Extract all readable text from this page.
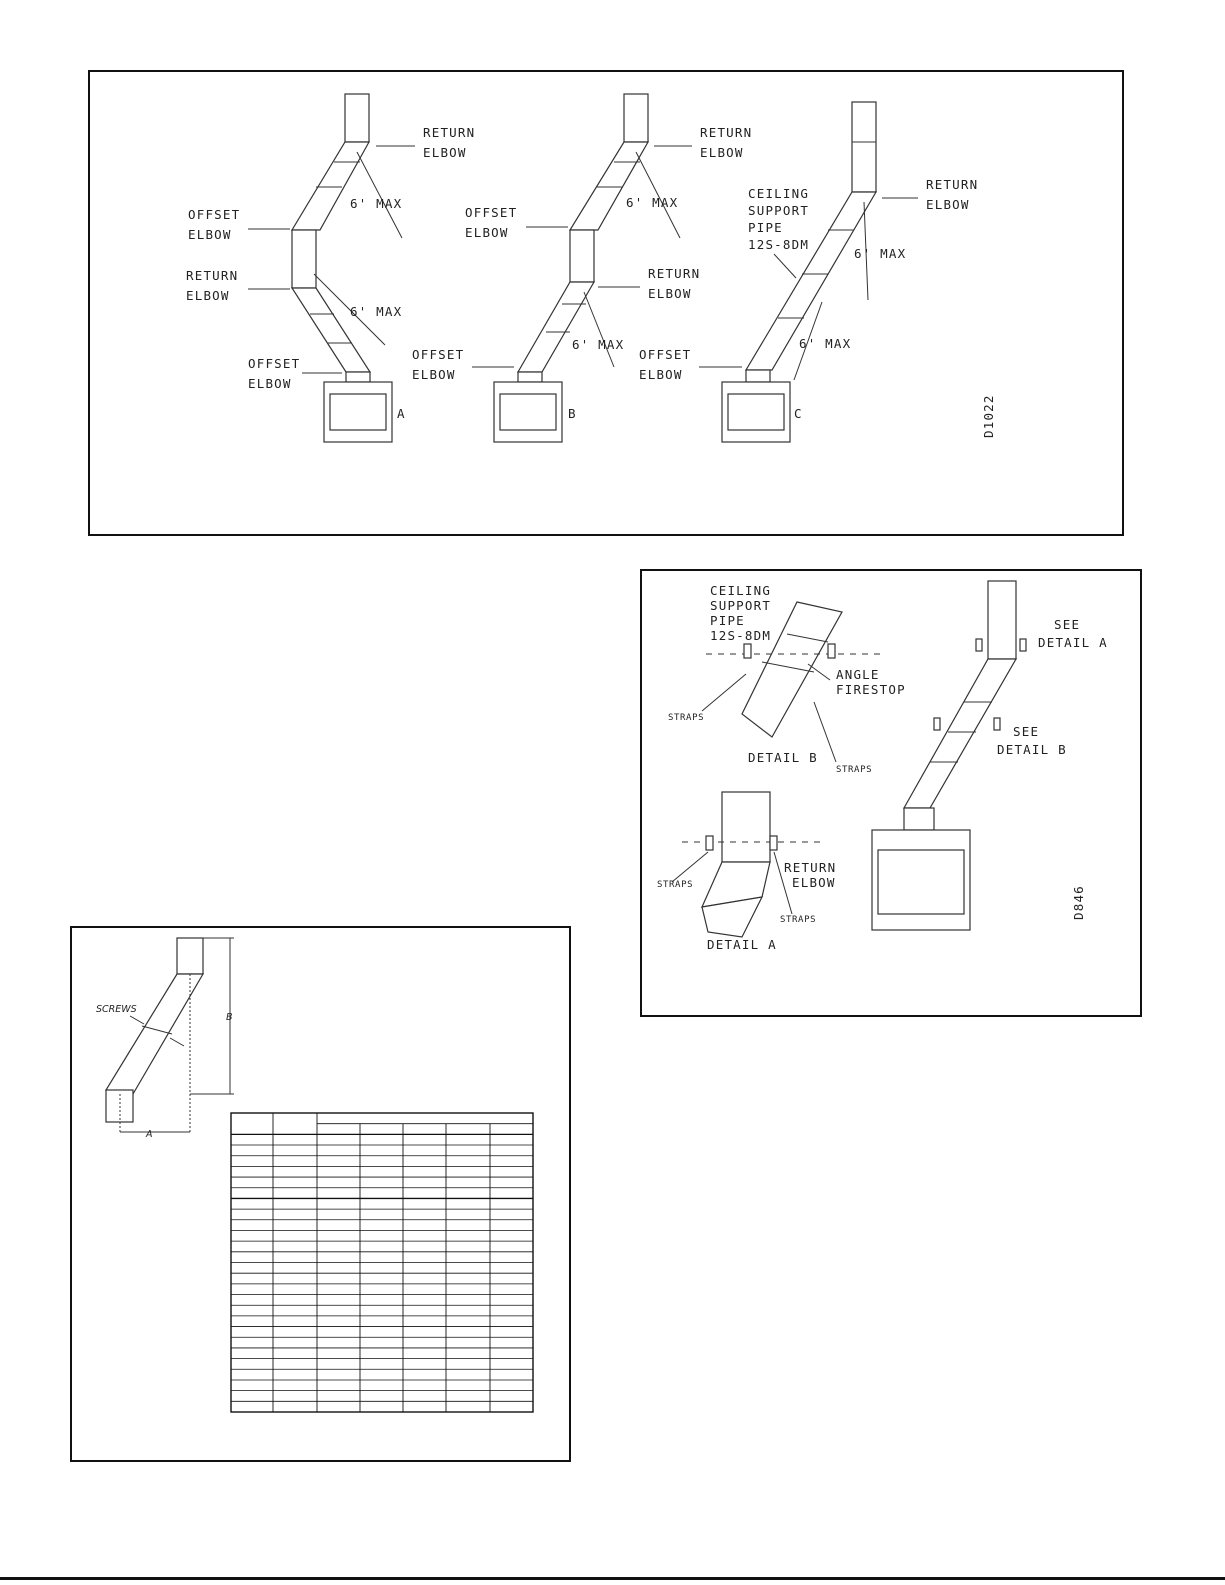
RETURN
ELBOW
OFFSET
ELBOW
RETURN
ELBOW
OFFSET
ELBOW
6' MAX
6' MAX
A
RETURN
ELBOW
OFFSET
ELBOW
RETURN
ELBOW
OFFSET
ELBOW
6' MAX
6' MAX
B
RETURN
ELBOW
CEILING
SUPPORT
PIPE
12S-8DM
OFFSET
ELBOW
6' MAX
6' MAX
C	D1022
CEILING
SUPPORT
PIPE
12S-8DM
ANGLE
FIRESTOP
STRAPS
STRAPS
DETAIL B
RETURN
ELBOW
STRAPS
STRAPS
DETAIL A
SEE
DETAIL A
SEE
DETAIL B
D846
SCREWS
A
B
